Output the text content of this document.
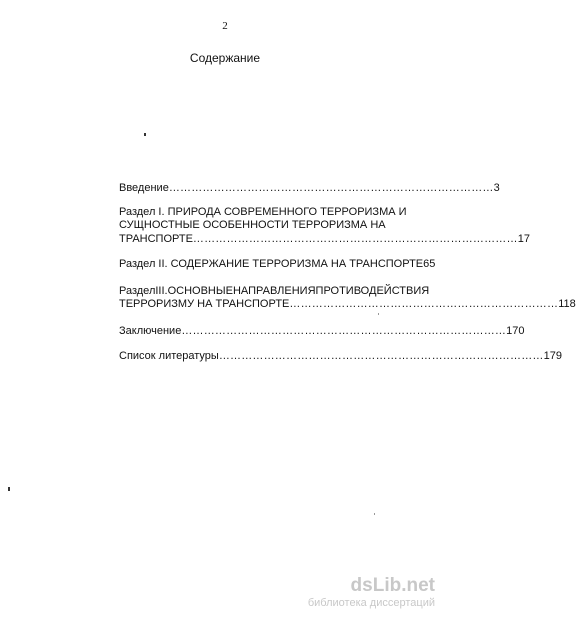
2
Содержание
Введение …………………………………………………………………………… 3
Раздел I. ПРИРОДА СОВРЕМЕННОГО ТЕРРОРИЗМА И
СУЩНОСТНЫЕ ОСОБЕННОСТИ ТЕРРОРИЗМА НА
ТРАНСПОРТЕ …………………………………………………………………………… 17
Раздел II. СОДЕРЖАНИЕ ТЕРРОРИЗМА НА ТРАНСПОРТЕ 65
Раздел III. ОСНОВНЫЕ НАПРАВЛЕНИЯ ПРОТИВОДЕЙСТВИЯ
ТЕРРОРИЗМУ НА ТРАНСПОРТЕ ……………………………………………………………… 118
Заключение …………………………………………………………………………… 170
Список литературы …………………………………………………………………………… 179
dsLib.net
библиотека диссертаций
